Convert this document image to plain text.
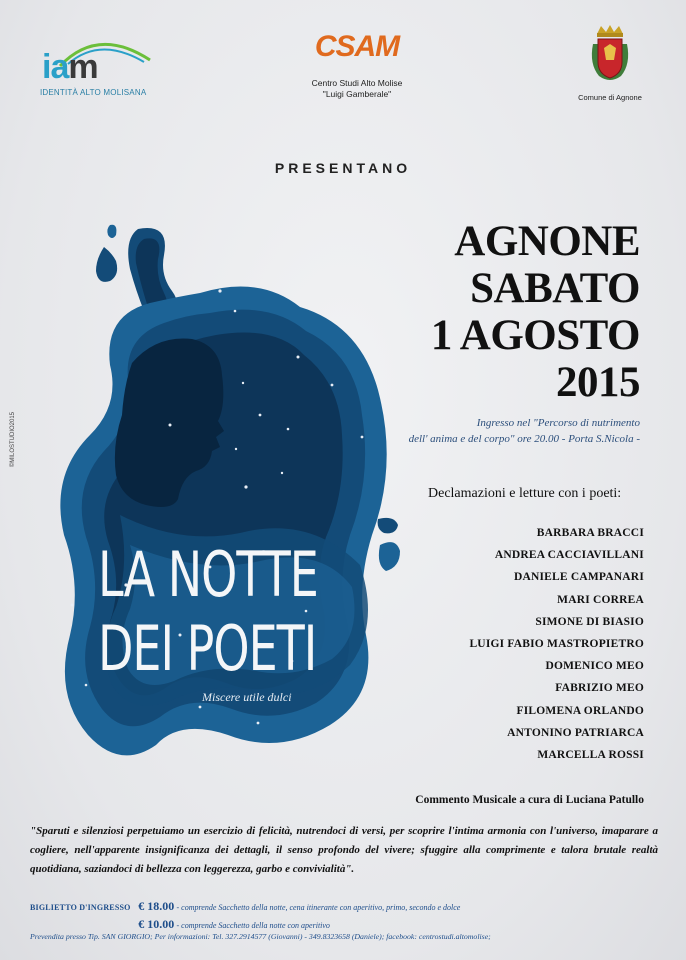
iam
IDENTITÀ ALTO MOLISANA
CSAM
Centro Studi Alto Molise
"Luigi Gamberale"	Comune di Agnone
PRESENTANO
©MILOSTUDIO2015
LA NOTTE
DEI POETI
Miscere utile dulci
AGNONE
SABATO
1 AGOSTO
2015
Ingresso nel "Percorso di nutrimento
dell' anima e del corpo" ore 20.00 - Porta S.Nicola -
Declamazioni e letture con i poeti:
BARBARA BRACCI
ANDREA CACCIAVILLANI
DANIELE CAMPANARI
MARI CORREA
SIMONE DI BIASIO
LUIGI FABIO MASTROPIETRO
DOMENICO MEO
FABRIZIO MEO
FILOMENA ORLANDO
ANTONINO PATRIARCA
MARCELLA ROSSI
Commento Musicale a cura di Luciana Patullo
"Sparuti e silenziosi perpetuiamo un esercizio di felicità, nutrendoci di versi, per scoprire l'intima armonia con l'universo, imaparare a cogliere, nell'apparente insignificanza dei dettagli, il senso profondo del vivere; sfuggire alla comprimente e talora brutale realtà quotidiana, saziandoci di bellezza con leggerezza, garbo e convivialità".
BIGLIETTO D'INGRESSO € 18.00 - comprende Sacchetto della notte, cena itinerante con aperitivo, primo, secondo e dolce
€ 10.00 - comprende Sacchetto della notte con aperitivo
Prevendita presso Tip. SAN GIORGIO; Per informazioni: Tel. 327.2914577 (Giovanni) - 349.8323658 (Daniele); facebook: centrostudi.altomolise;
